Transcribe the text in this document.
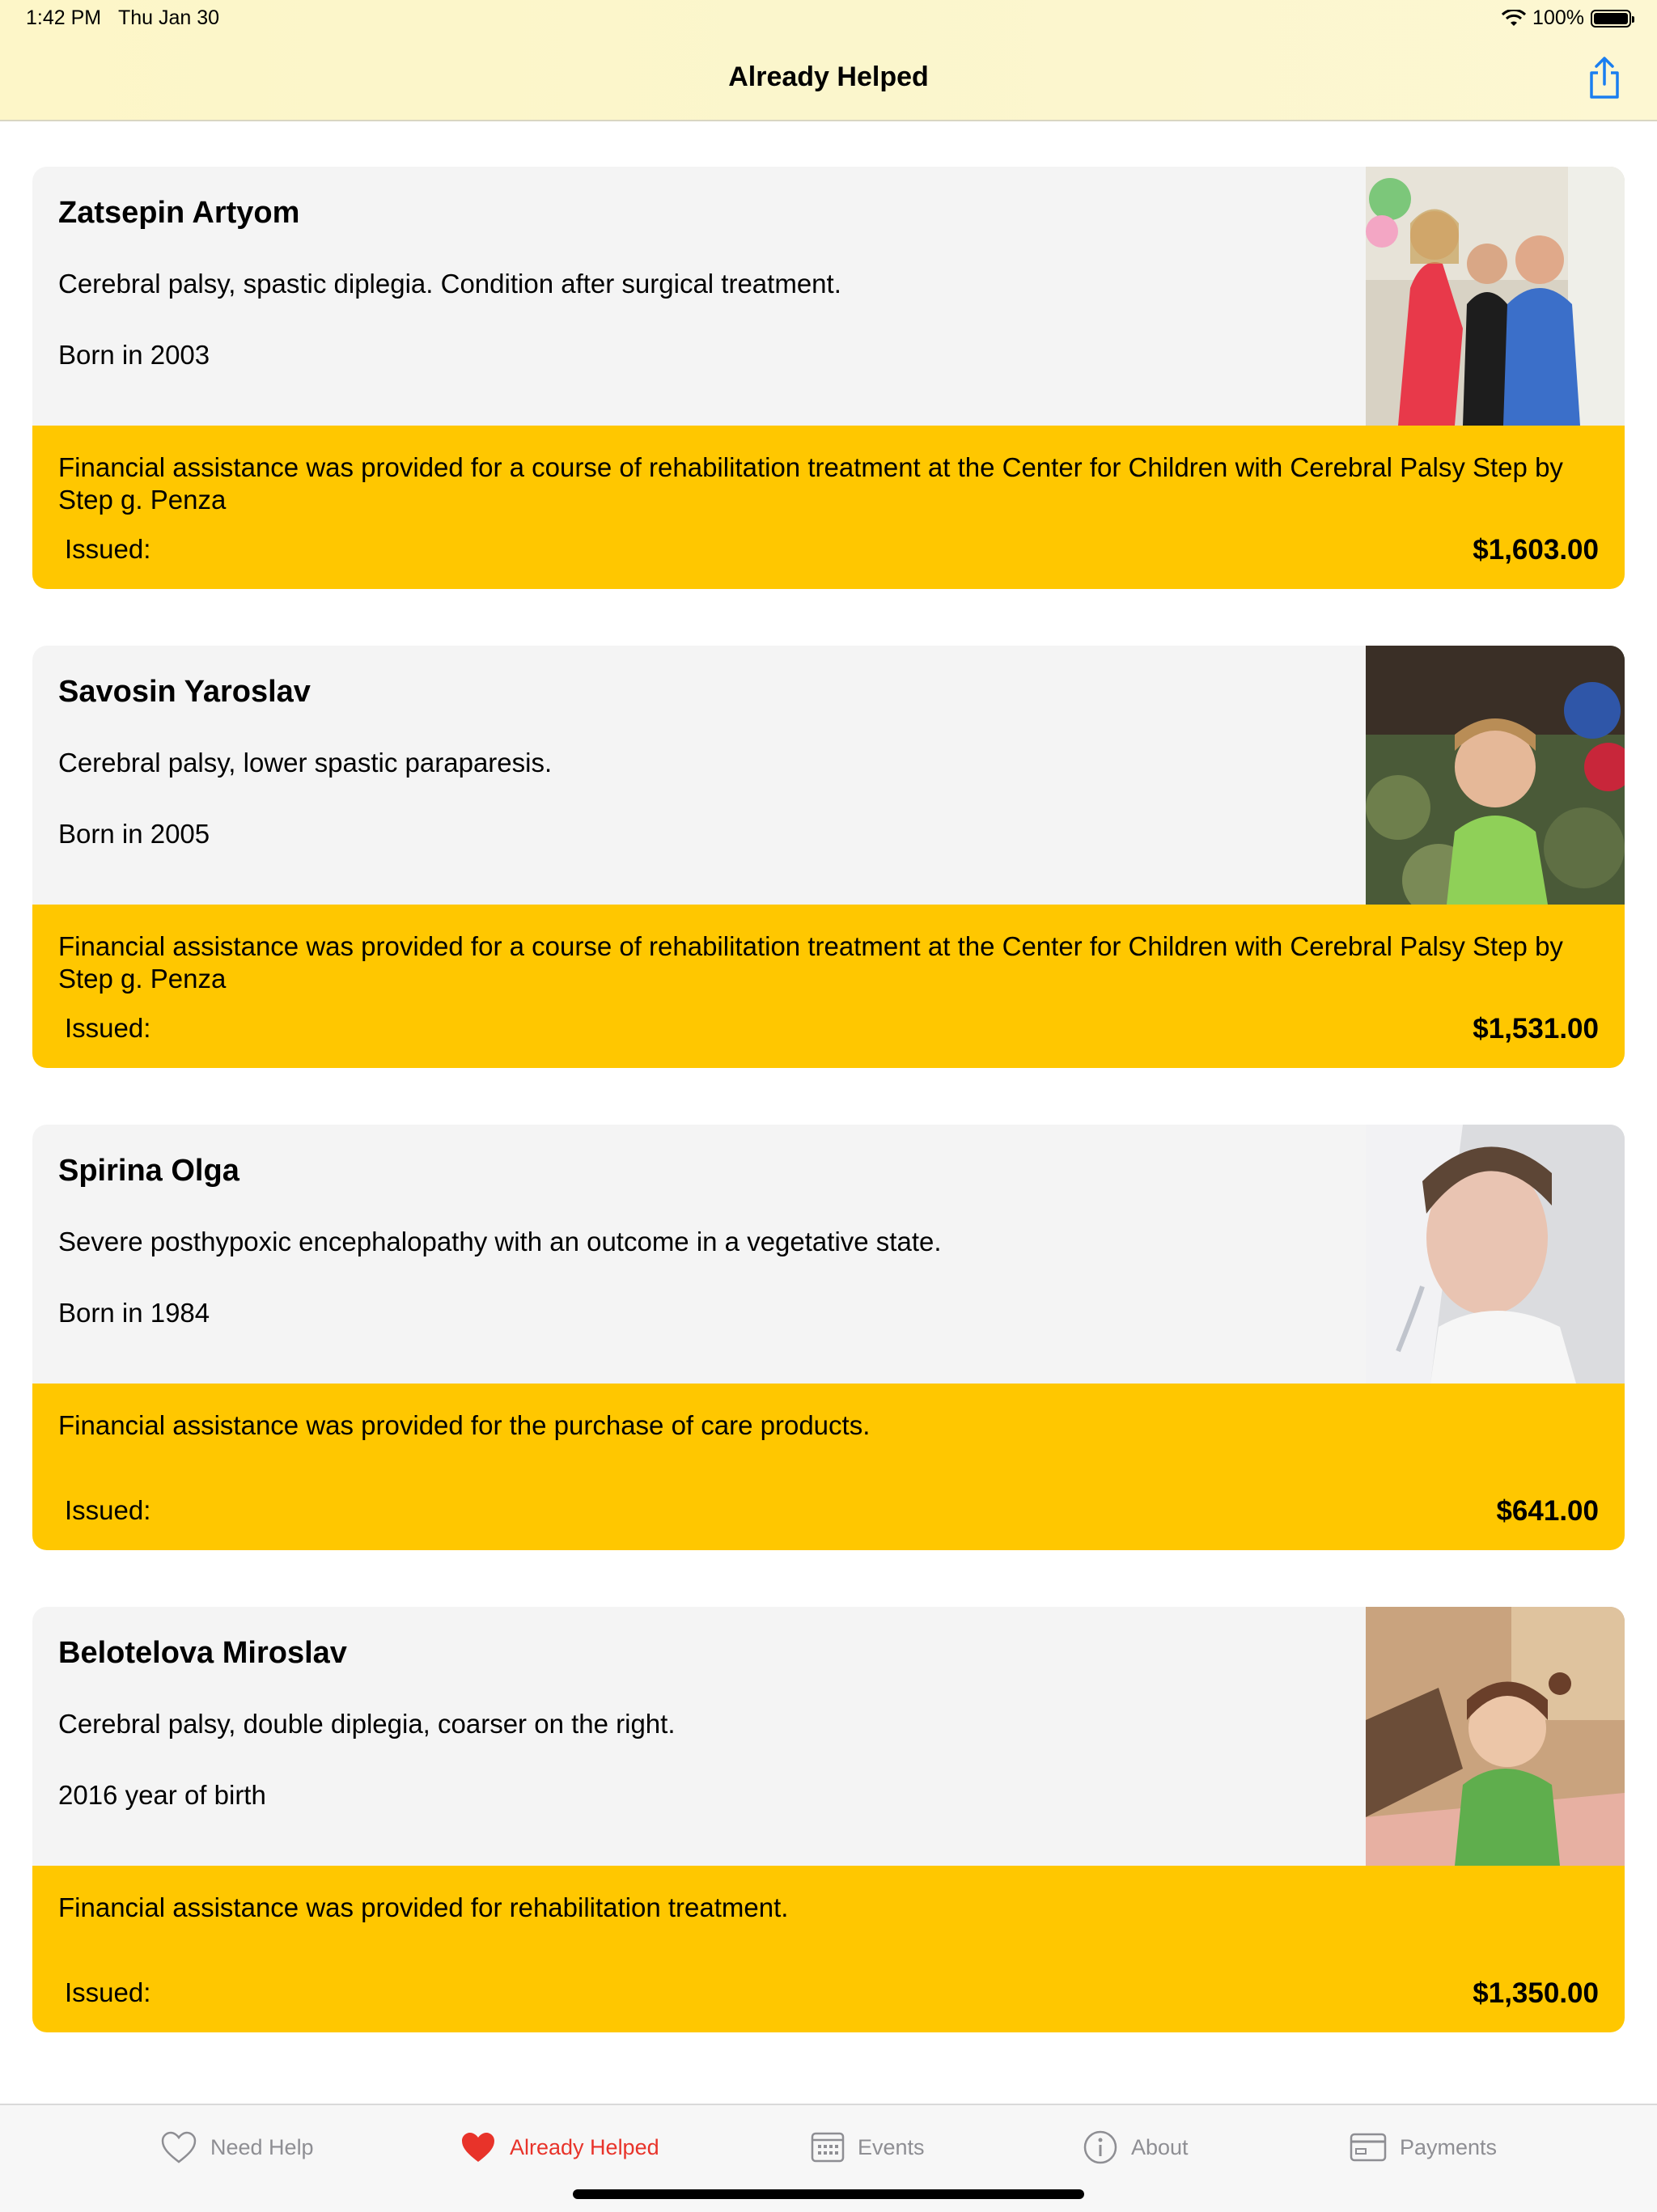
1:42 PM Thu Jan 30	100%
Already Helped
Zatsepin Artyom
Cerebral palsy, spastic diplegia. Condition after surgical treatment.
Born in 2003
Financial assistance was provided for a course of rehabilitation treatment at the Center for Children with Cerebral Palsy Step by Step g. Penza
Issued:	$1,603.00
Savosin Yaroslav
Cerebral palsy, lower spastic paraparesis.
Born in 2005
Financial assistance was provided for a course of rehabilitation treatment at the Center for Children with Cerebral Palsy Step by Step g. Penza
Issued:	$1,531.00
Spirina Olga
Severe posthypoxic encephalopathy with an outcome in a vegetative state.
Born in 1984
Financial assistance was provided for the purchase of care products.
Issued:	$641.00
Belotelova Miroslav
Cerebral palsy, double diplegia, coarser on the right.
2016 year of birth
Financial assistance was provided for rehabilitation treatment.
Issued:	$1,350.00
Need Help	Already Helped	Events	About	Payments
